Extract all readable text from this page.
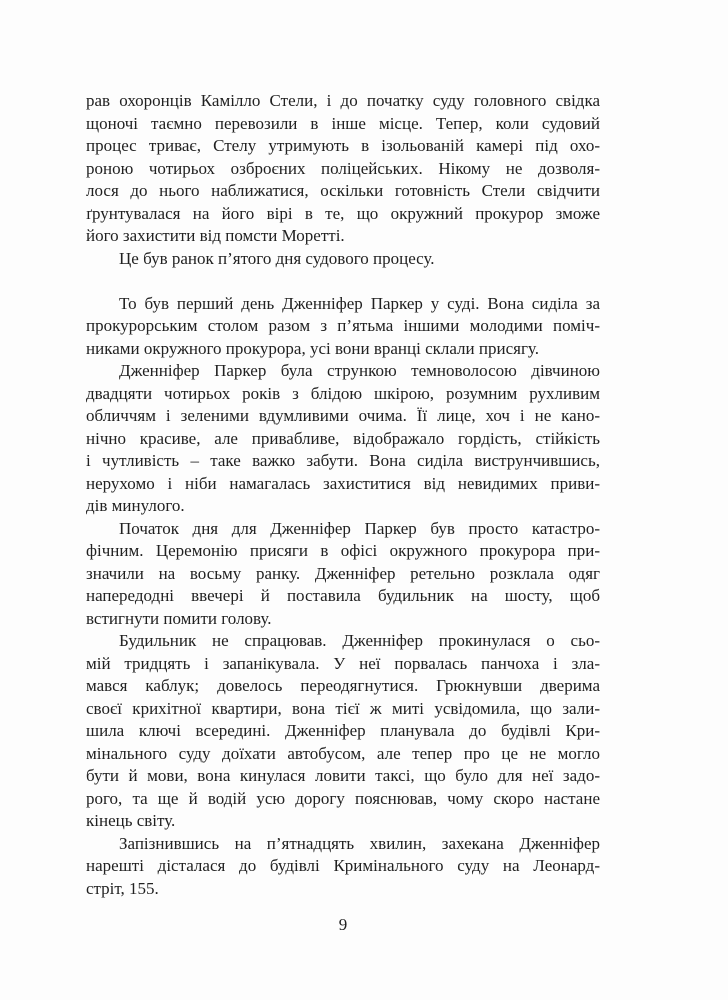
рав охоронців Камілло Стели, і до початку суду головного свідка
щоночі таємно перевозили в інше місце. Тепер, коли судовий
процес триває, Стелу утримують в ізольованій камері під охо-
роною чотирьох озброєних поліцейських. Нікому не дозволя-
лося до нього наближатися, оскільки готовність Стели свідчити
ґрунтувалася на його вірі в те, що окружний прокурор зможе
його захистити від помсти Моретті.
Це був ранок п’ятого дня судового процесу.
То був перший день Дженніфер Паркер у суді. Вона сиділа за
прокурорським столом разом з п’ятьма іншими молодими поміч-
никами окружного прокурора, усі вони вранці склали присягу.
Дженніфер Паркер була стрункою темноволосою дівчиною
двадцяти чотирьох років з блідою шкірою, розумним рухливим
обличчям і зеленими вдумливими очима. Її лице, хоч і не кано-
нічно красиве, але привабливе, відображало гордість, стійкість
і чутливість – таке важко забути. Вона сиділа виструнчившись,
нерухомо і ніби намагалась захиститися від невидимих приви-
дів минулого.
Початок дня для Дженніфер Паркер був просто катастро-
фічним. Церемонію присяги в офісі окружного прокурора при-
значили на восьму ранку. Дженніфер ретельно розклала одяг
напередодні ввечері й поставила будильник на шосту, щоб
встигнути помити голову.
Будильник не спрацював. Дженніфер прокинулася о сьо-
мій тридцять і запанікувала. У неї порвалась панчоха і зла-
мався каблук; довелось переодягнутися. Грюкнувши дверима
своєї крихітної квартири, вона тієї ж миті усвідомила, що зали-
шила ключі всередині. Дженніфер планувала до будівлі Кри-
мінального суду доїхати автобусом, але тепер про це не могло
бути й мови, вона кинулася ловити таксі, що було для неї задо-
рого, та ще й водій усю дорогу пояснював, чому скоро настане
кінець світу.
Запізнившись на п’ятнадцять хвилин, захекана Дженніфер
нарешті дісталася до будівлі Кримінального суду на Леонард-
стріт, 155.
9
